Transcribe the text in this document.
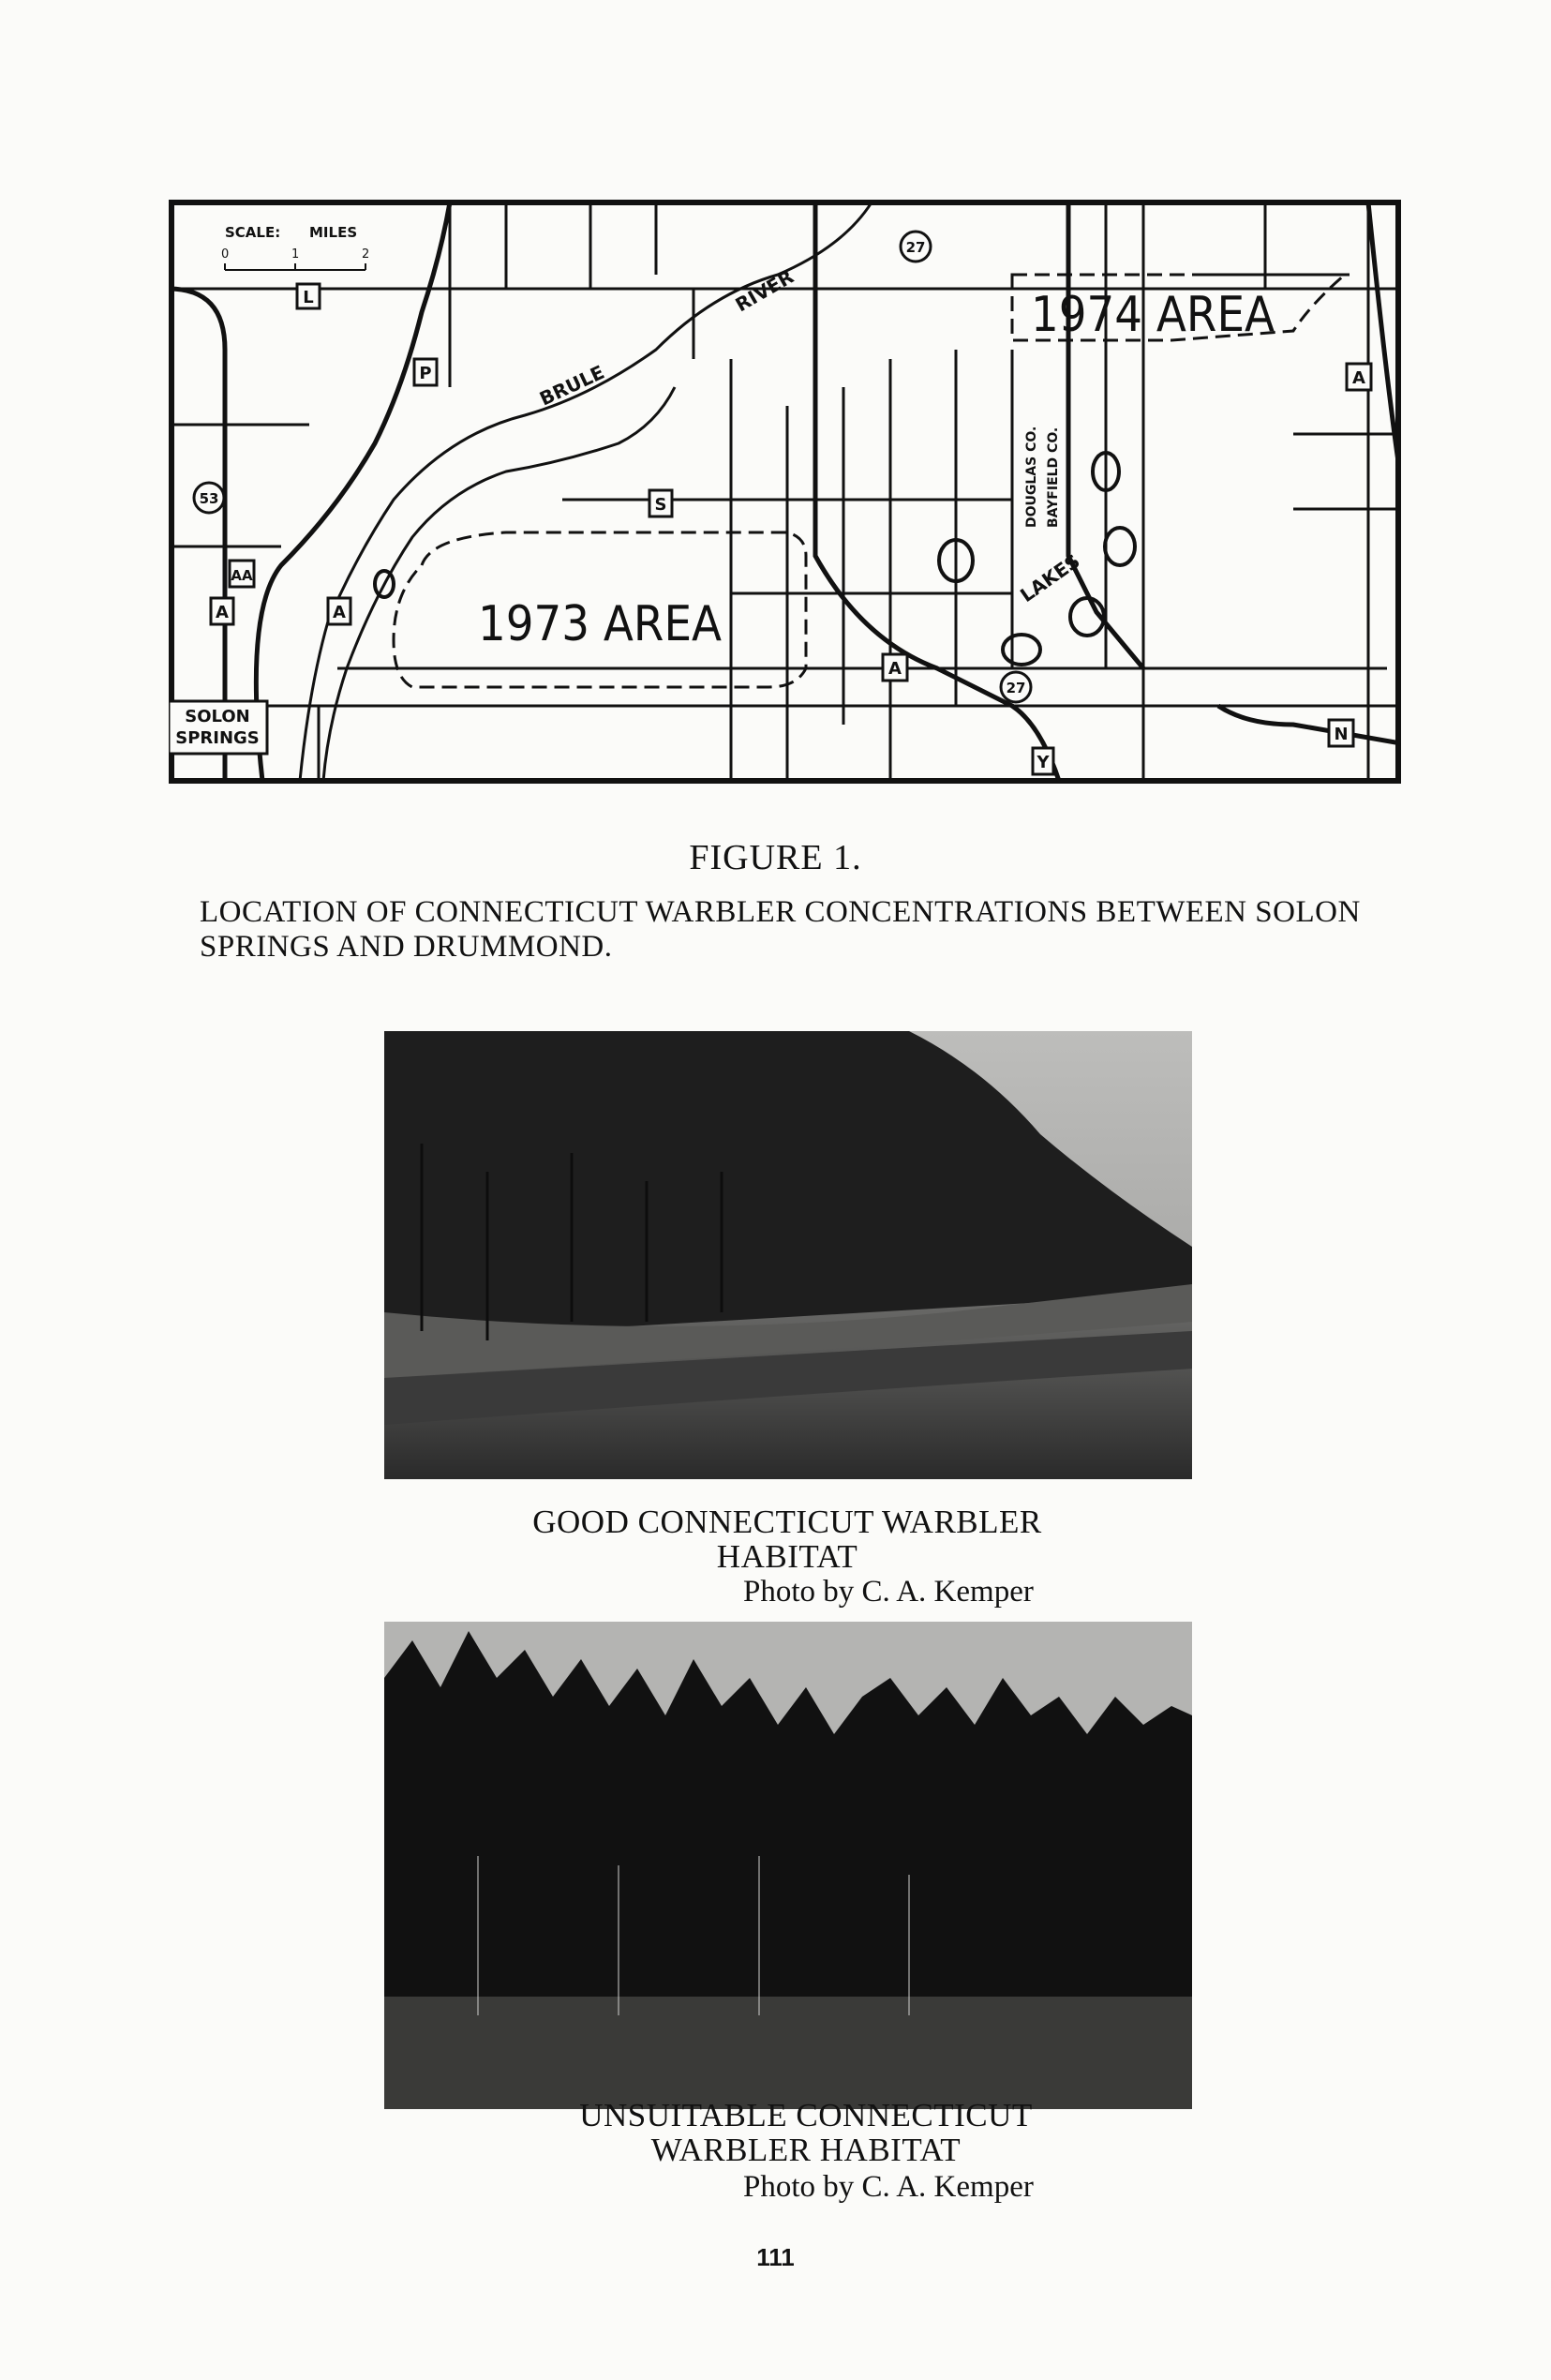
L
P	A
S
A
A
N
Y
53
27
27
A
AA
SCALE: MILES
0	1	2
1974 AREA
1973 AREA
BRULE
RIVER
LAKES
DOUGLAS CO. BAYFIELD CO.
SOLON
SPRINGS
FIGURE 1.
LOCATION OF CONNECTICUT WARBLER CONCENTRATIONS BETWEEN SOLON SPRINGS AND DRUMMOND.
GOOD CONNECTICUT WARBLER
HABITAT
Photo by C. A. Kemper
UNSUITABLE CONNECTICUT
WARBLER HABITAT
Photo by C. A. Kemper
111
